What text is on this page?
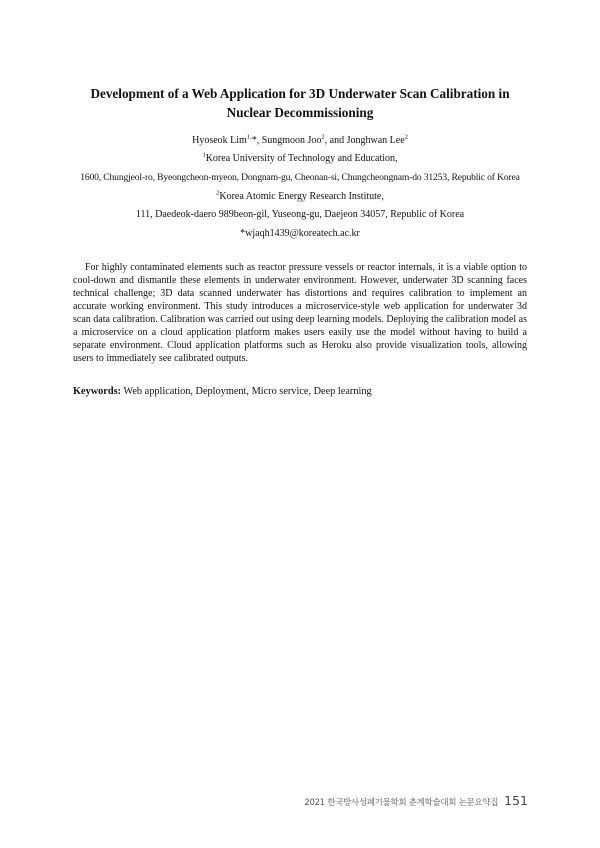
Development of a Web Application for 3D Underwater Scan Calibration in
Nuclear Decommissioning
Hyoseok Lim$^{1,}$*, Sungmoon Joo$^2$, and Jonghwan Lee$^2$
$^1$Korea University of Technology and Education,
1600, Chungjeol-ro, Byeongcheon-myeon, Dongnam-gu, Cheonan-si, Chungcheongnam-do 31253, Republic of Korea
$^2$Korea Atomic Energy Research Institute,
111, Daedeok-daero 989beon-gil, Yuseong-gu, Daejeon 34057, Republic of Korea
*wjaqh1439@koreatech.ac.kr

For highly contaminated elements such as reactor pressure vessels or reactor internals, it is a viable option to cool-down and dismantle these elements in underwater environment. However, underwater 3D scanning faces technical challenge; 3D data scanned underwater has distortions and requires calibration to implement an accurate working environment. This study introduces a microservice-style web application for underwater 3d scan data calibration. Calibration was carried out using deep learning models. Deploying the calibration model as a microservice on a cloud application platform makes users easily use the model without having to build a separate environment. Cloud application platforms such as Heroku also provide visualization tools, allowing users to immediately see calibrated outputs.

Keywords: Web application, Deployment, Micro service, Deep learning
2021 한국방사성폐기물학회 춘계학술대회 논문요약집 151
